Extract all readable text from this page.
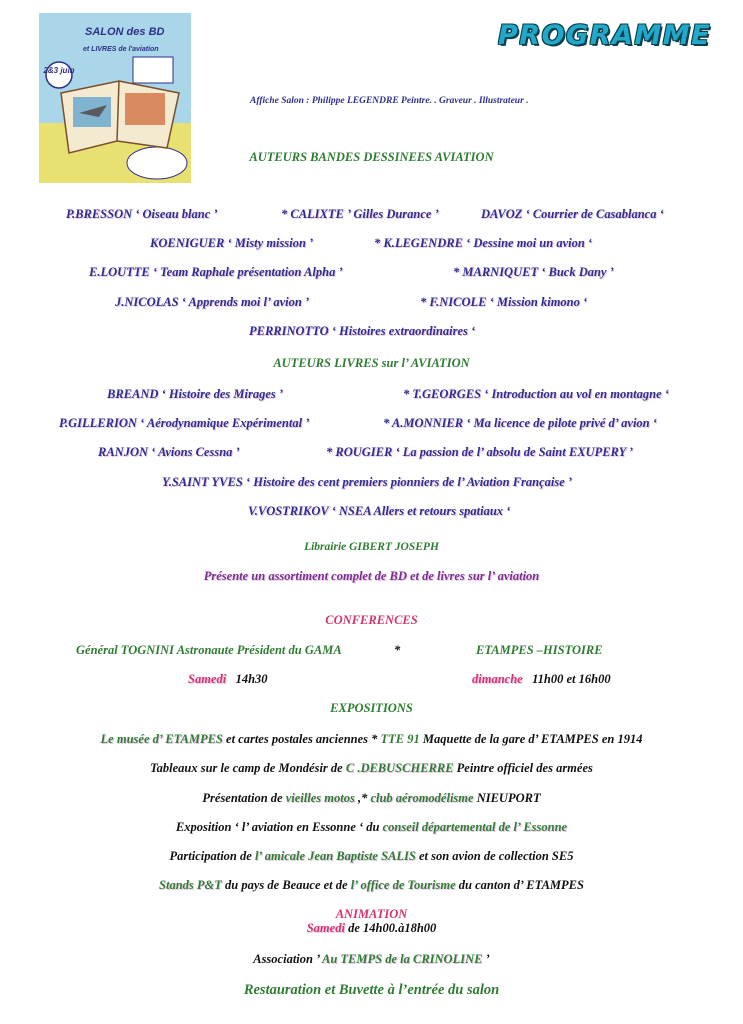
2&3 juin
SALON des BD
et LIVRES de l'aviation	PROGRAMME
Affiche Salon : Philippe LEGENDRE Peintre. . Graveur . Illustrateur .
AUTEURS BANDES DESSINEES AVIATION
P.BRESSON ‘ Oiseau blanc ’	* CALIXTE ’ Gilles Durance ’	DAVOZ ‘ Courrier de Casablanca ‘
KOENIGUER ‘ Misty mission ’	* K.LEGENDRE ‘ Dessine moi un avion ‘
E.LOUTTE ‘ Team Raphale présentation Alpha ’	* MARNIQUET ‘ Buck Dany ’
J.NICOLAS ‘ Apprends moi l’ avion ’	* F.NICOLE ‘ Mission kimono ‘
PERRINOTTO ‘ Histoires extraordinaires ‘
AUTEURS LIVRES sur l’ AVIATION
BREAND ‘ Histoire des Mirages ’	* T.GEORGES ‘ Introduction au vol en montagne ‘
P.GILLERION ‘ Aérodynamique Expérimental ’	* A.MONNIER ‘ Ma licence de pilote privé d’ avion ‘
RANJON ‘ Avions Cessna ’	* ROUGIER ‘ La passion de l’ absolu de Saint EXUPERY ’
Y.SAINT YVES ‘ Histoire des cent premiers pionniers de l’ Aviation Française ’
V.VOSTRIKOV ‘ NSEA Allers et retours spatiaux ‘
Librairie GIBERT JOSEPH
Présente un assortiment complet de BD et de livres sur l’ aviation
CONFERENCES
Général TOGNINI Astronaute Président du GAMA	*	ETAMPES –HISTOIRE
Samedi 14h30	dimanche 11h00 et 16h00
EXPOSITIONS
Le musée d’ ETAMPES et cartes postales anciennes * TTE 91 Maquette de la gare d’ ETAMPES en 1914
Tableaux sur le camp de Mondésir de C .DEBUSCHERRE Peintre officiel des armées
Présentation de vieilles motos ,* club aéromodélisme NIEUPORT
Exposition ‘ l’ aviation en Essonne ‘ du conseil départemental de l’ Essonne
Participation de l’ amicale Jean Baptiste SALIS et son avion de collection SE5
Stands P&T du pays de Beauce et de l’ office de Tourisme du canton d’ ETAMPES
ANIMATION
Samedi de 14h00.à18h00
Association ’ Au TEMPS de la CRINOLINE ’
Restauration et Buvette à l’entrée du salon
